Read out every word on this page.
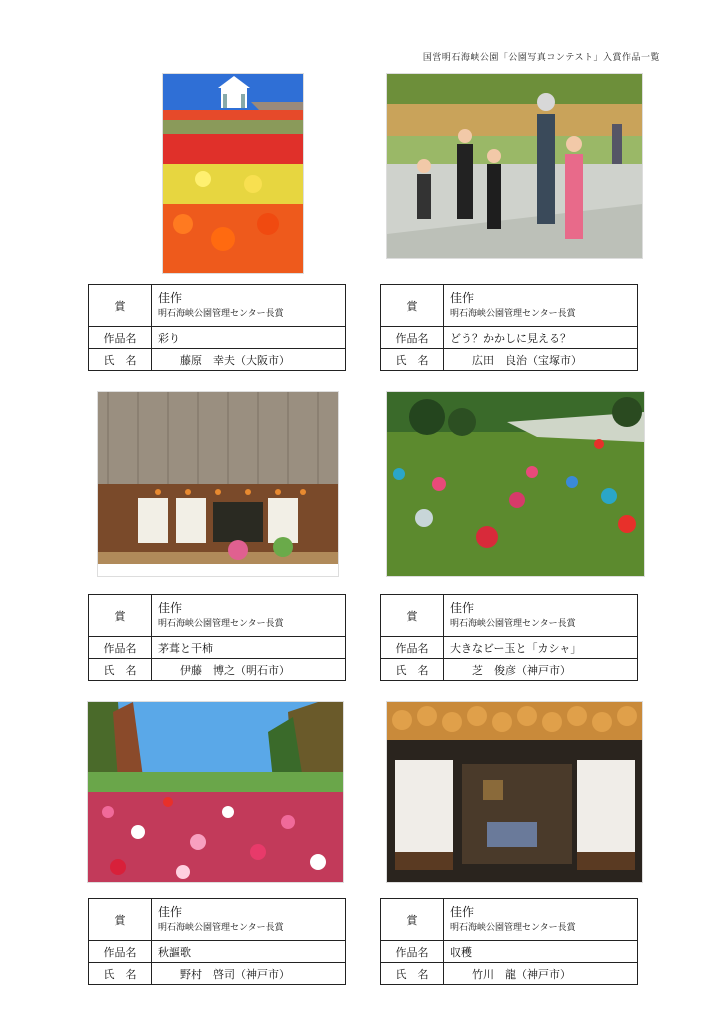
国営明石海峡公園「公園写真コンテスト」入賞作品一覧
賞	佳作
明石海峡公園管理センター長賞

作品名	彩り
氏　名	藤原　幸夫（大阪市）
賞	佳作
明石海峡公園管理センター長賞

作品名	どう？かかしに見える？
氏　名	広田　良治（宝塚市）
賞	佳作
明石海峡公園管理センター長賞

作品名	茅葺と干柿
氏　名	伊藤　博之（明石市）
賞	佳作
明石海峡公園管理センター長賞

作品名	大きなビー玉と「カシャ」
氏　名	芝　俊彦（神戸市）
賞	佳作
明石海峡公園管理センター長賞

作品名	秋謳歌
氏　名	野村　啓司（神戸市）
賞	佳作
明石海峡公園管理センター長賞

作品名	収穫
氏　名	竹川　龍（神戸市）
